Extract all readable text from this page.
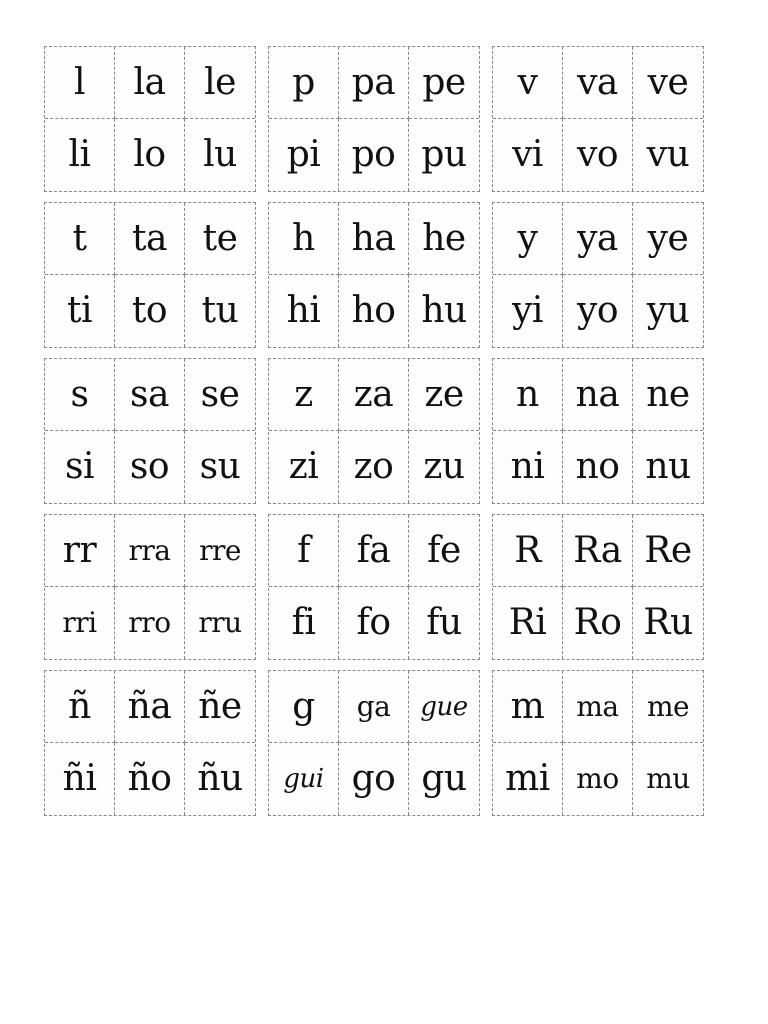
l	la	le
li	lo	lu
p	pa pe
pi po pu
v	va ve
vi vo vu
t	ta te
ti	to tu
h	ha he
hi ho hu
y	ya ye
yi yo yu
s	sa se
si so su
z	za ze
zi zo zu
n	na ne
ni no nu
rr	rra	rre
rri	rro rru
f	fa	fe
fi	fo fu
R Ra Re
Ri Ro Ru
ñ	ña ñe
ñi ño ñu
g	ga	gue
gui go gu
m	ma	me
mi mo mu
